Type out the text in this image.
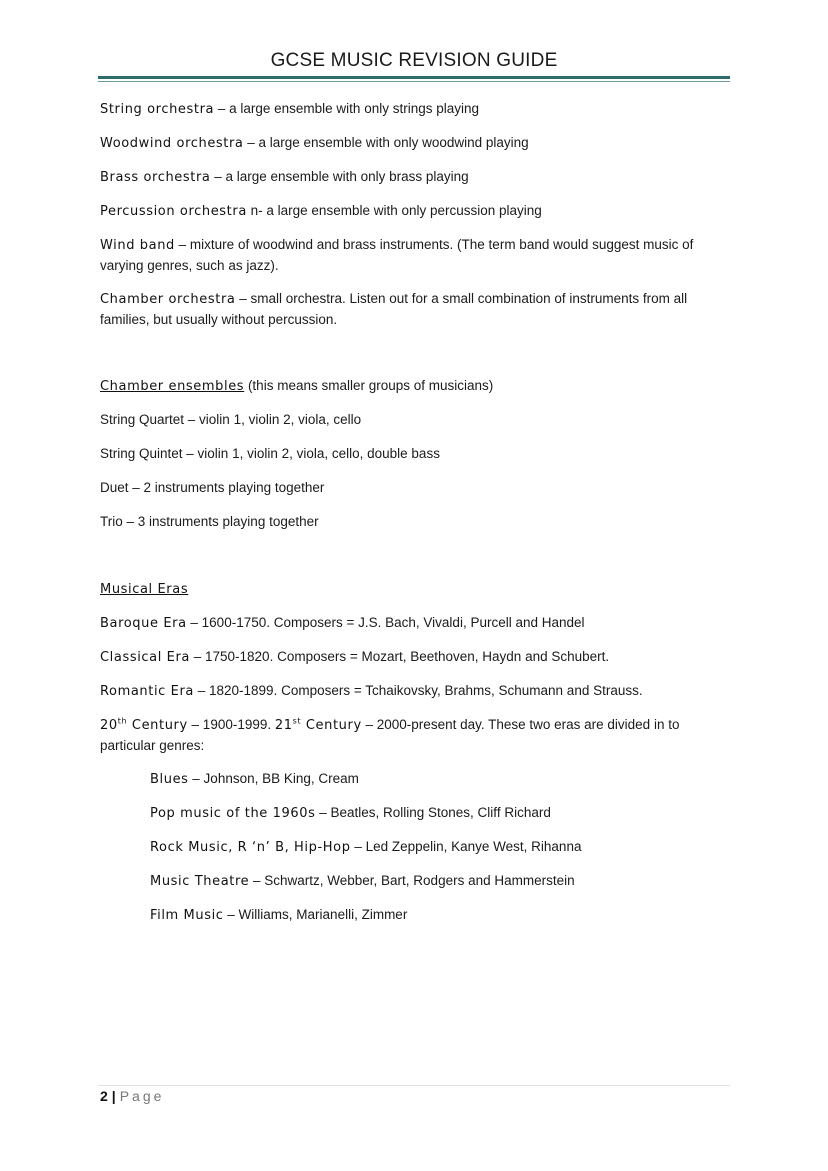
GCSE MUSIC REVISION GUIDE
String orchestra – a large ensemble with only strings playing
Woodwind orchestra – a large ensemble with only woodwind playing
Brass orchestra – a large ensemble with only brass playing
Percussion orchestra n- a large ensemble with only percussion playing
Wind band – mixture of woodwind and brass instruments. (The term band would suggest music of varying genres, such as jazz).
Chamber orchestra – small orchestra. Listen out for a small combination of instruments from all families, but usually without percussion.
Chamber ensembles (this means smaller groups of musicians)
String Quartet – violin 1, violin 2, viola, cello
String Quintet – violin 1, violin 2, viola, cello, double bass
Duet – 2 instruments playing together
Trio – 3 instruments playing together
Musical Eras
Baroque Era – 1600-1750. Composers = J.S. Bach, Vivaldi, Purcell and Handel
Classical Era – 1750-1820. Composers = Mozart, Beethoven, Haydn and Schubert.
Romantic Era – 1820-1899. Composers = Tchaikovsky, Brahms, Schumann and Strauss.
20th Century – 1900-1999. 21st Century – 2000-present day. These two eras are divided in to particular genres:
Blues – Johnson, BB King, Cream
Pop music of the 1960s – Beatles, Rolling Stones, Cliff Richard
Rock Music, R ‘n’ B, Hip-Hop – Led Zeppelin, Kanye West, Rihanna
Music Theatre – Schwartz, Webber, Bart, Rodgers and Hammerstein
Film Music – Williams, Marianelli, Zimmer
2 | Page
